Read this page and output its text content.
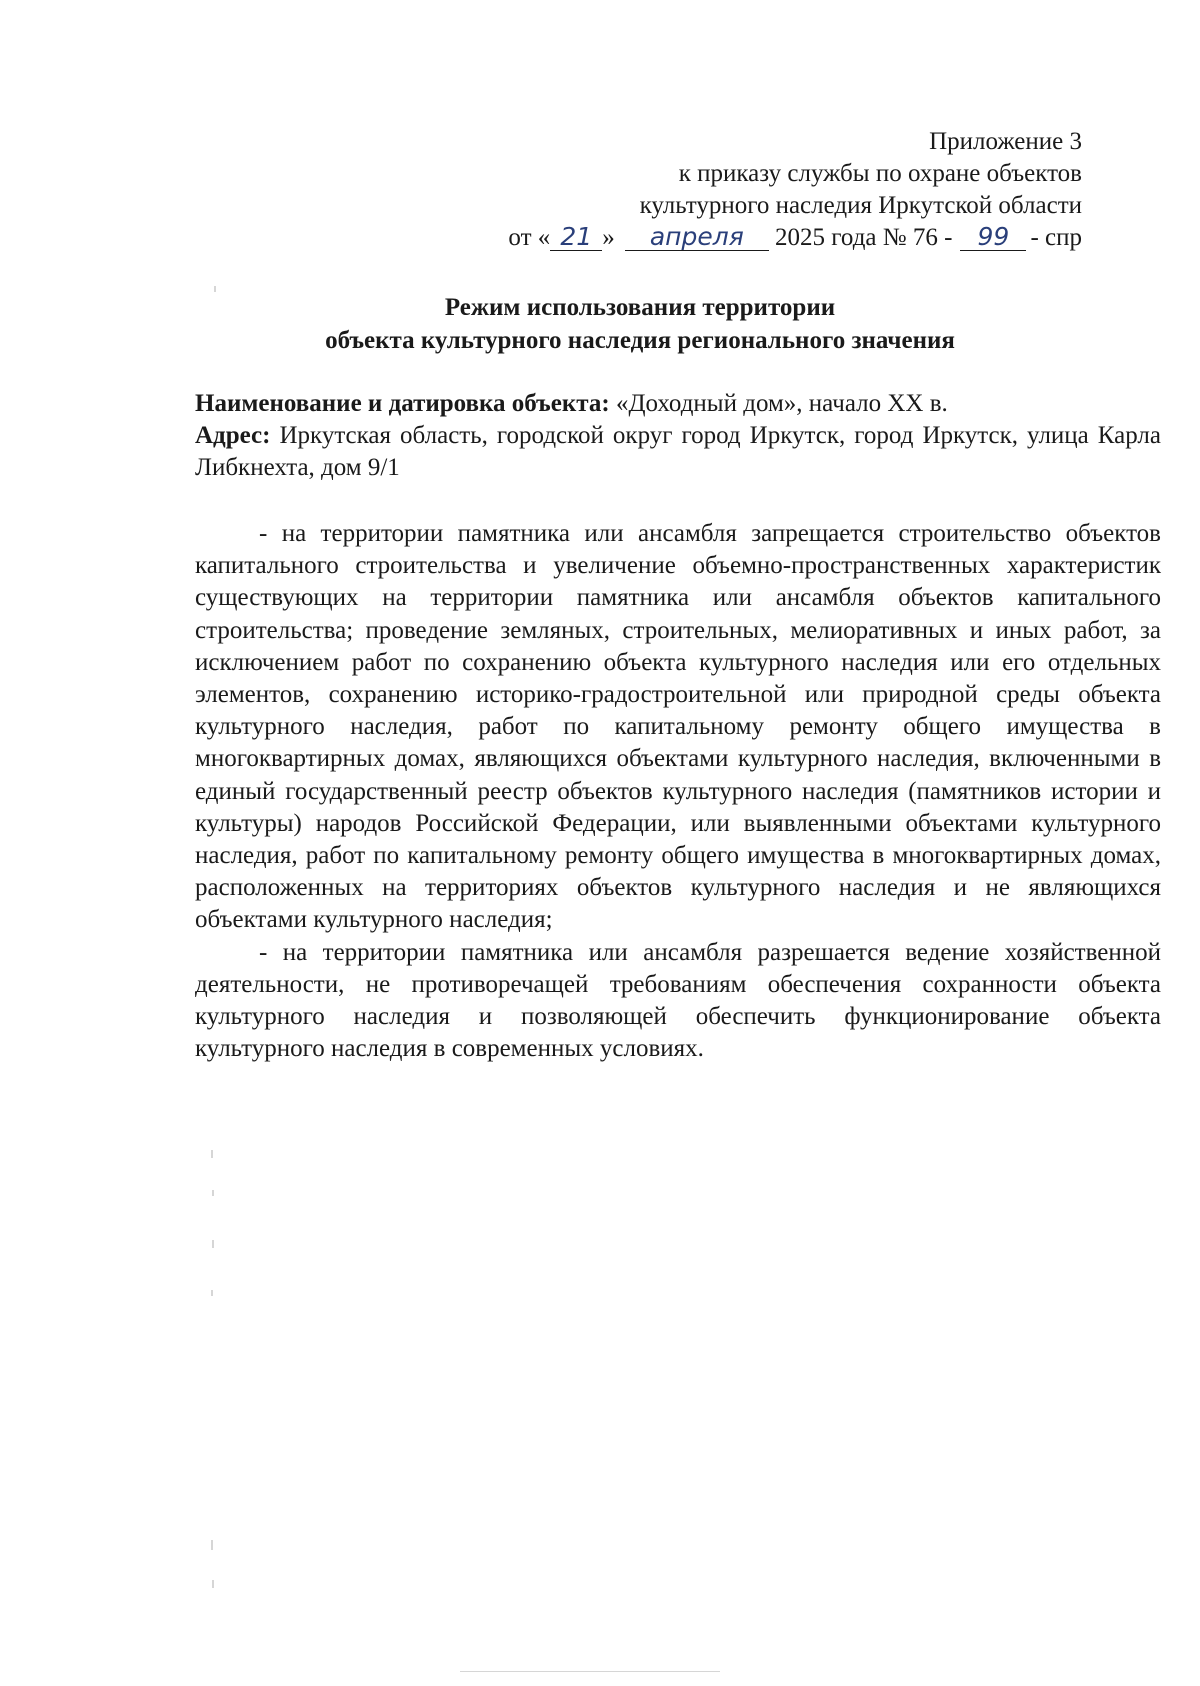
Приложение 3
к приказу службы по охране объектов
культурного наследия Иркутской области
от « 21 » апреля 2025 года № 76 - 99 - спр
Режим использования территории
объекта культурного наследия регионального значения

Наименование и датировка объекта: «Доходный дом», начало XX в.

Адрес: Иркутская область, городской округ город Иркутск, город Иркутск, улица Карла Либкнехта, дом 9/1

- на территории памятника или ансамбля запрещается строительство объектов капитального строительства и увеличение объемно-пространственных характеристик существующих на территории памятника или ансамбля объектов капитального строительства; проведение земляных, строительных, мелиоративных и иных работ, за исключением работ по сохранению объекта культурного наследия или его отдельных элементов, сохранению историко-градостроительной или природной среды объекта культурного наследия, работ по капитальному ремонту общего имущества в многоквартирных домах, являющихся объектами культурного наследия, включенными в единый государственный реестр объектов культурного наследия (памятников истории и культуры) народов Российской Федерации, или выявленными объектами культурного наследия, работ по капитальному ремонту общего имущества в многоквартирных домах, расположенных на территориях объектов культурного наследия и не являющихся объектами культурного наследия;

- на территории памятника или ансамбля разрешается ведение хозяйственной деятельности, не противоречащей требованиям обеспечения сохранности объекта культурного наследия и позволяющей обеспечить функционирование объекта культурного наследия в современных условиях.
